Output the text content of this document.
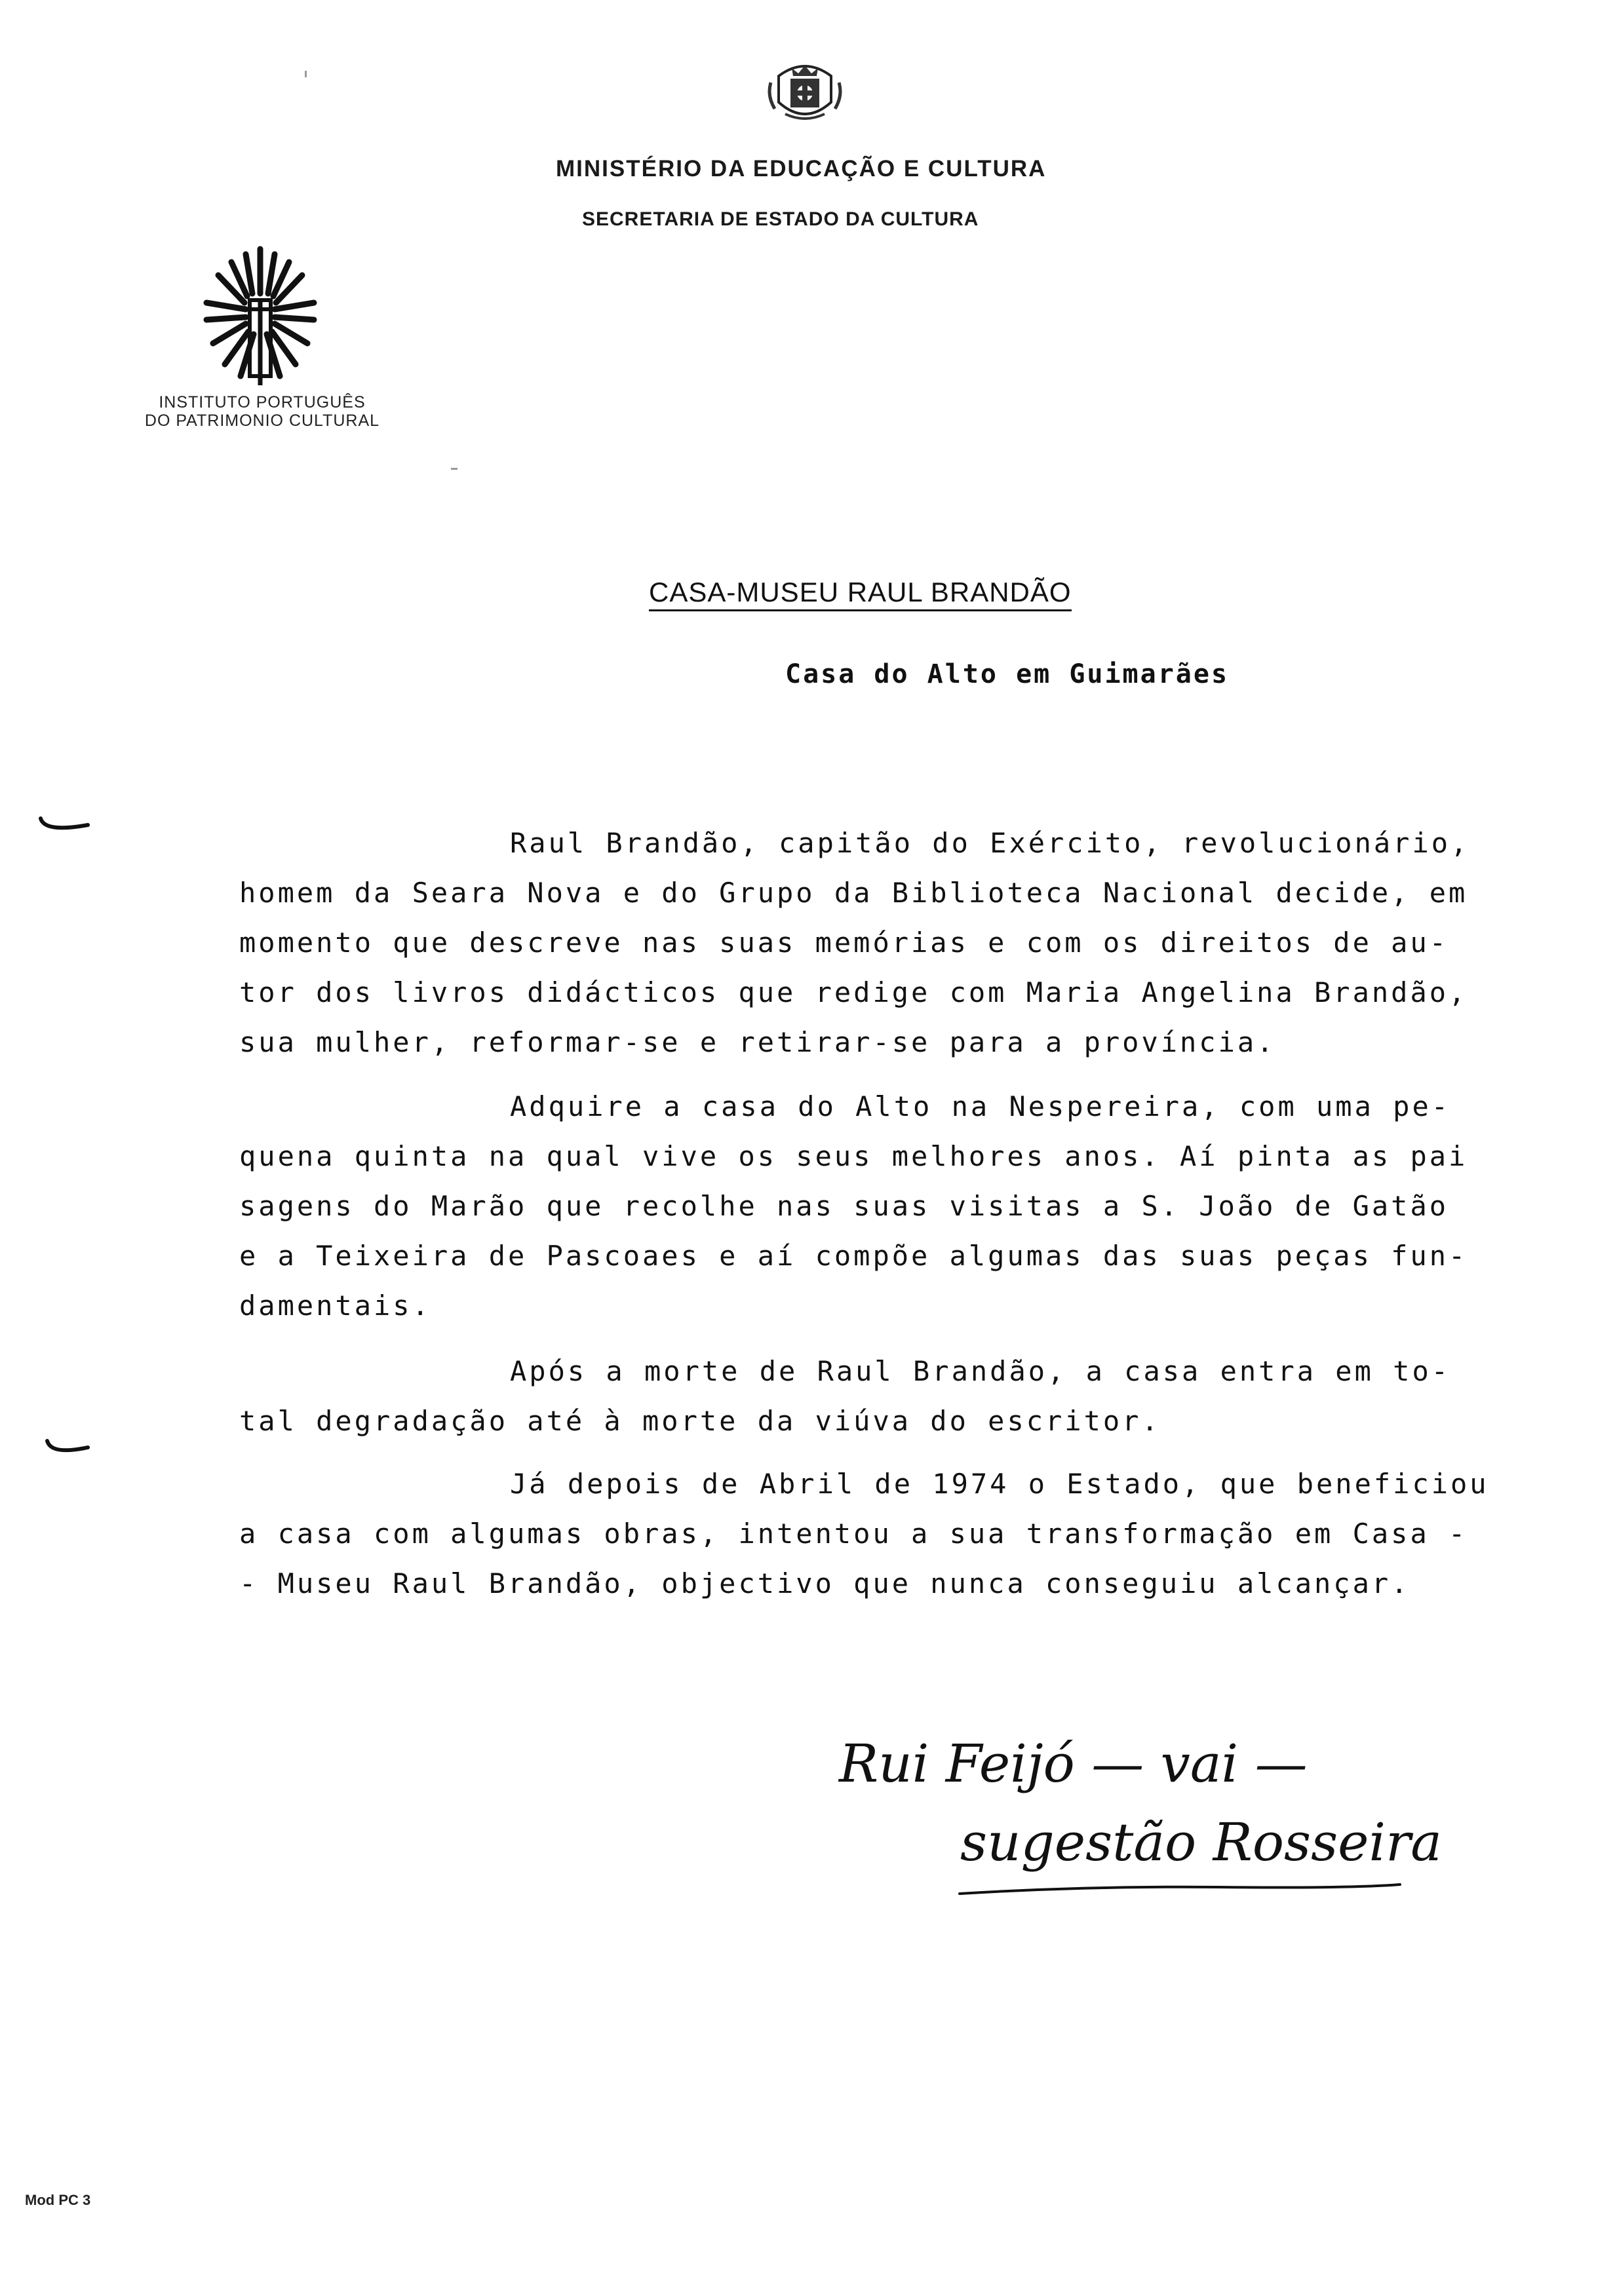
MINISTÉRIO DA EDUCAÇÃO E CULTURA
SECRETARIA DE ESTADO DA CULTURA
INSTITUTO PORTUGUÊS
DO PATRIMONIO CULTURAL
CASA-MUSEU RAUL BRANDÃO
Casa do Alto em Guimarães
Raul Brandão, capitão do Exército, revolucionário,
homem da Seara Nova e do Grupo da Biblioteca Nacional decide, em
momento que descreve nas suas memórias e com os direitos de au-
tor dos livros didácticos que redige com Maria Angelina Brandão,
sua mulher, reformar-se e retirar-se para a província.
Adquire a casa do Alto na Nespereira, com uma pe-
quena quinta na qual vive os seus melhores anos. Aí pinta as pai
sagens do Marão que recolhe nas suas visitas a S. João de Gatão
e a Teixeira de Pascoaes e aí compõe algumas das suas peças fun-
damentais.
Após a morte de Raul Brandão, a casa entra em to-
tal degradação até à morte da viúva do escritor.
Já depois de Abril de 1974 o Estado, que beneficiou
a casa com algumas obras, intentou a sua transformação em Casa -
- Museu Raul Brandão, objectivo que nunca conseguiu alcançar.
Rui Feijó — vai —
sugestão Rosseira
Mod PC 3
